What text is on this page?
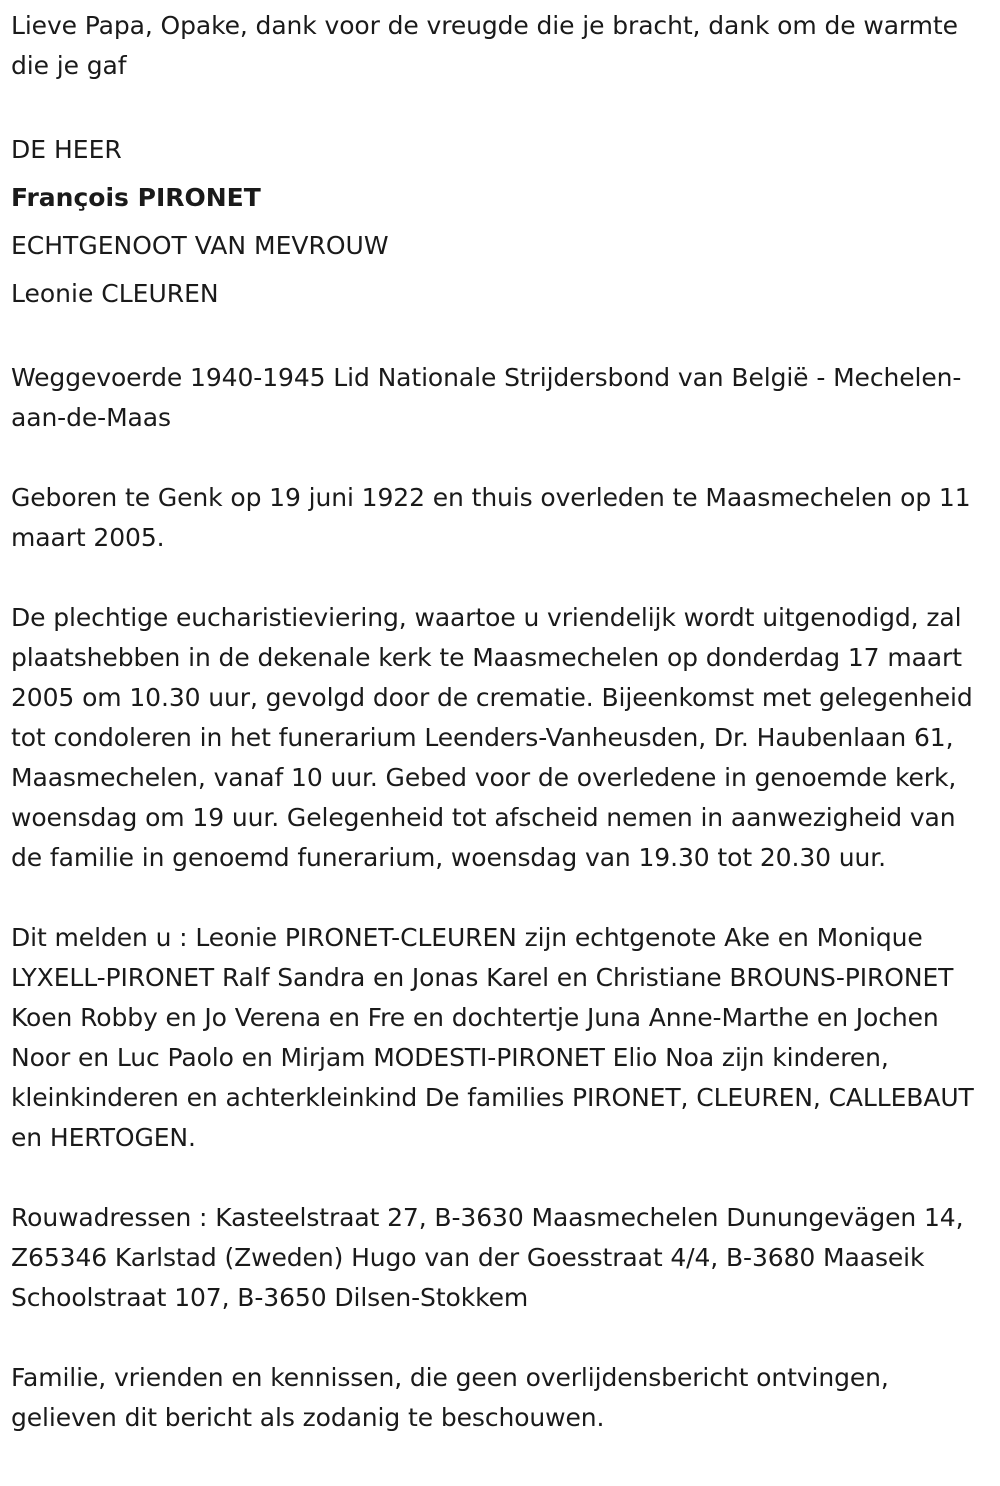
Lieve Papa, Opake, dank voor de vreugde die je bracht, dank om de warmte die je gaf

DE HEER

François PIRONET

ECHTGENOOT VAN MEVROUW

Leonie CLEUREN

Weggevoerde 1940-1945 Lid Nationale Strijdersbond van België - Mechelen-aan-de-Maas

Geboren te Genk op 19 juni 1922 en thuis overleden te Maasmechelen op 11 maart 2005.

De plechtige eucharistieviering, waartoe u vriendelijk wordt uitgenodigd, zal plaatshebben in de dekenale kerk te Maasmechelen op donderdag 17 maart 2005 om 10.30 uur, gevolgd door de crematie. Bijeenkomst met gelegenheid tot condoleren in het funerarium Leenders-Vanheusden, Dr. Haubenlaan 61, Maasmechelen, vanaf 10 uur. Gebed voor de overledene in genoemde kerk, woensdag om 19 uur. Gelegenheid tot afscheid nemen in aanwezigheid van de familie in genoemd funerarium, woensdag van 19.30 tot 20.30 uur.

Dit melden u : Leonie PIRONET-CLEUREN zijn echtgenote Ake en Monique LYXELL-PIRONET Ralf Sandra en Jonas Karel en Christiane BROUNS-PIRONET Koen Robby en Jo Verena en Fre en dochtertje Juna Anne-Marthe en Jochen Noor en Luc Paolo en Mirjam MODESTI-PIRONET Elio Noa zijn kinderen, kleinkinderen en achterkleinkind De families PIRONET, CLEUREN, CALLEBAUT en HERTOGEN.

Rouwadressen : Kasteelstraat 27, B-3630 Maasmechelen Dunungevägen 14, Z65346 Karlstad (Zweden) Hugo van der Goesstraat 4/4, B-3680 Maaseik Schoolstraat 107, B-3650 Dilsen-Stokkem

Familie, vrienden en kennissen, die geen overlijdensbericht ontvingen, gelieven dit bericht als zodanig te beschouwen.
